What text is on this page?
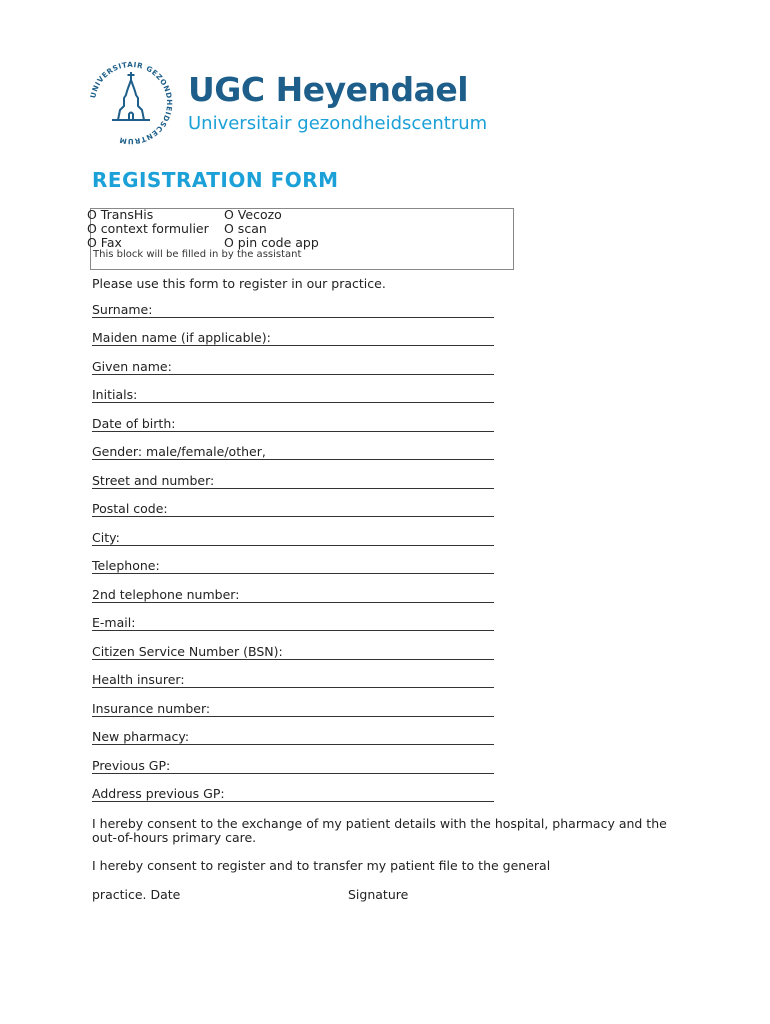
UNIVERSITAIR GEZONDHEIDSCENTRUM
UGC Heyendael
Universitair gezondheidscentrum
REGISTRATION FORM
O TransHis
O context formulier
O Fax
O Vecozo
O scan
O pin code app
This block will be filled in by the assistant
Please use this form to register in our practice.
Surname:
Maiden name (if applicable):
Given name:
Initials:
Date of birth:
Gender: male/female/other,
Street and number:
Postal code:
City:
Telephone:
2nd telephone number:
E-mail:
Citizen Service Number (BSN):
Health insurer:
Insurance number:
New pharmacy:
Previous GP:
Address previous GP:
I hereby consent to the exchange of my patient details with the hospital, pharmacy and the out-of-hours primary care.
I hereby consent to register and to transfer my patient file to the general
practice. Date	Signature
